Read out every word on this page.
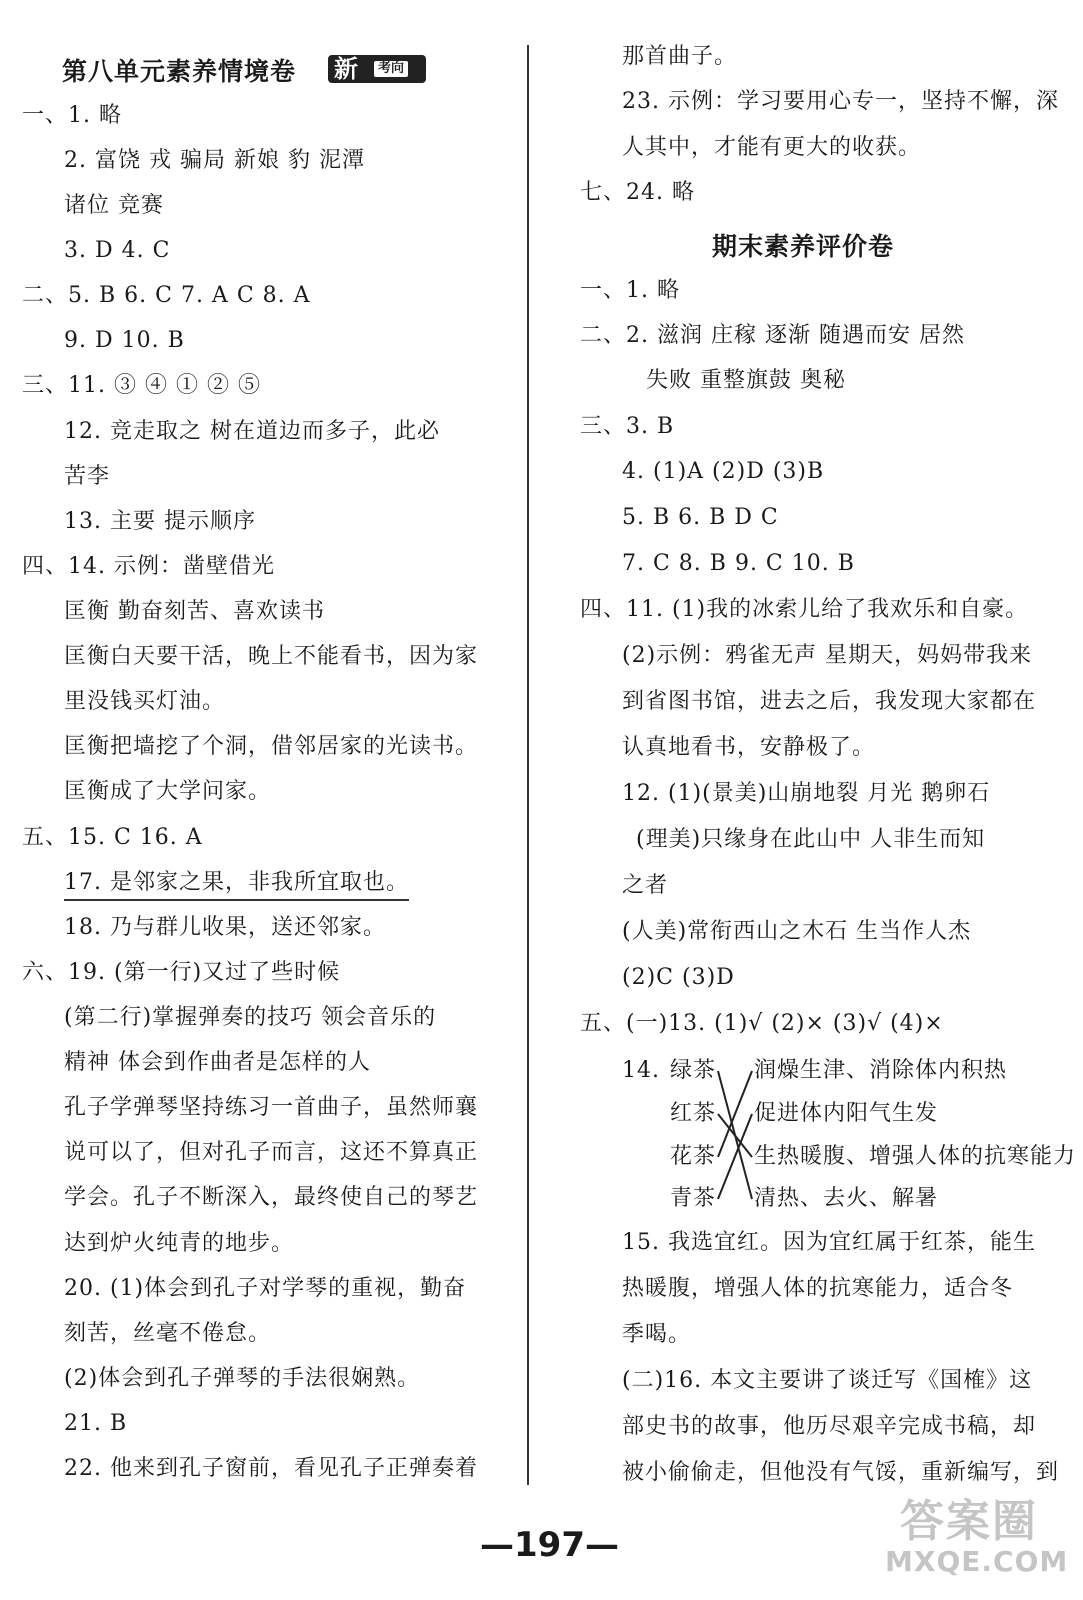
第八单元素养情境卷 新	考向
一、1. 略
2. 富饶 戎 骗局 新娘 豹 泥潭
诸位 竞赛
3. D 4. C
二、5. B 6. C 7. A C 8. A
9. D 10. B
三、11. ③ ④ ① ② ⑤
12. 竞走取之 树在道边而多子，此必
苦李
13. 主要 提示顺序
四、14. 示例：凿壁借光
匡衡 勤奋刻苦、喜欢读书
匡衡白天要干活，晚上不能看书，因为家
里没钱买灯油。
匡衡把墙挖了个洞，借邻居家的光读书。
匡衡成了大学问家。
五、15. C 16. A
17. 是邻家之果，非我所宜取也。
18. 乃与群儿收果，送还邻家。
六、19. (第一行)又过了些时候
(第二行)掌握弹奏的技巧 领会音乐的
精神 体会到作曲者是怎样的人
孔子学弹琴坚持练习一首曲子，虽然师襄
说可以了，但对孔子而言，这还不算真正
学会。孔子不断深入，最终使自己的琴艺
达到炉火纯青的地步。
20. (1)体会到孔子对学琴的重视，勤奋
刻苦，丝毫不倦怠。
(2)体会到孔子弹琴的手法很娴熟。
21. B
22. 他来到孔子窗前，看见孔子正弹奏着
那首曲子。
23. 示例：学习要用心专一，坚持不懈，深
人其中，才能有更大的收获。
七、24. 略
期末素养评价卷
一、1. 略
二、2. 滋润 庄稼 逐渐 随遇而安 居然
失败 重整旗鼓 奥秘
三、3. B
4. (1)A (2)D (3)B
5. B 6. B D C
7. C 8. B 9. C 10. B
四、11. (1)我的冰索儿给了我欢乐和自豪。
(2)示例：鸦雀无声 星期天，妈妈带我来
到省图书馆，进去之后，我发现大家都在
认真地看书，安静极了。
12. (1)(景美)山崩地裂 月光 鹅卵石
(理美)只缘身在此山中 人非生而知
之者
(人美)常衔西山之木石 生当作人杰
(2)C (3)D
五、(一)13. (1)√ (2)× (3)√ (4)×
14. 绿茶
红茶
花茶
青茶
润燥生津、消除体内积热
促进体内阳气生发
生热暖腹、增强人体的抗寒能力
清热、去火、解暑
15. 我选宜红。因为宜红属于红茶，能生
热暖腹，增强人体的抗寒能力，适合冬
季喝。
(二)16. 本文主要讲了谈迁写《国榷》这
部史书的故事，他历尽艰辛完成书稿，却
被小偷偷走，但他没有气馁，重新编写，到
—197—	答案圈
MXQE.COM
